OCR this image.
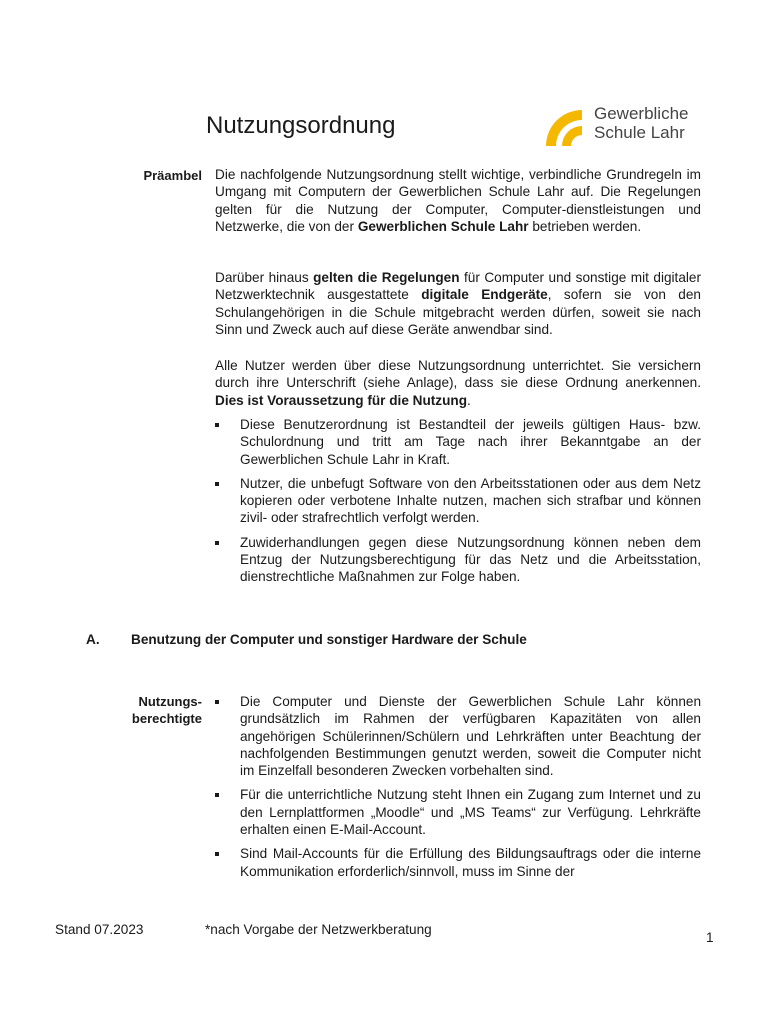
Nutzungsordnung	Gewerbliche
Schule Lahr
Präambel Die nachfolgende Nutzungsordnung stellt wichtige, verbindliche Grundregeln im Umgang mit Computern der Gewerblichen Schule Lahr auf. Die Regelungen gelten für die Nutzung der Computer, Computer-dienstleistungen und Netzwerke, die von der Gewerblichen Schule Lahr betrieben werden.

Darüber hinaus gelten die Regelungen für Computer und sonstige mit digitaler Netzwerktechnik ausgestattete digitale Endgeräte, sofern sie von den Schulangehörigen in die Schule mitgebracht werden dürfen, soweit sie nach Sinn und Zweck auch auf diese Geräte anwendbar sind.

Alle Nutzer werden über diese Nutzungsordnung unterrichtet. Sie versichern durch ihre Unterschrift (siehe Anlage), dass sie diese Ordnung anerkennen. Dies ist Voraussetzung für die Nutzung.

Diese Benutzerordnung ist Bestandteil der jeweils gültigen Haus- bzw. Schulordnung und tritt am Tage nach ihrer Bekanntgabe an der Gewerblichen Schule Lahr in Kraft.
Nutzer, die unbefugt Software von den Arbeitsstationen oder aus dem Netz kopieren oder verbotene Inhalte nutzen, machen sich strafbar und können zivil- oder strafrechtlich verfolgt werden.
Zuwiderhandlungen gegen diese Nutzungsordnung können neben dem Entzug der Nutzungsberechtigung für das Netz und die Arbeitsstation, dienstrechtliche Maßnahmen zur Folge haben.
A. Benutzung der Computer und sonstiger Hardware der Schule
Nutzungs-
berechtigte
Die Computer und Dienste der Gewerblichen Schule Lahr können grundsätzlich im Rahmen der verfügbaren Kapazitäten von allen angehörigen Schülerinnen/Schülern und Lehrkräften unter Beachtung der nachfolgenden Bestimmungen genutzt werden, soweit die Computer nicht im Einzelfall besonderen Zwecken vorbehalten sind.
Für die unterrichtliche Nutzung steht Ihnen ein Zugang zum Internet und zu den Lernplattformen „Moodle“ und „MS Teams“ zur Verfügung. Lehrkräfte erhalten einen E-Mail-Account.
Sind Mail-Accounts für die Erfüllung des Bildungsauftrags oder die interne Kommunikation erforderlich/sinnvoll, muss im Sinne der
Stand 07.2023	*nach Vorgabe der Netzwerkberatung
1
